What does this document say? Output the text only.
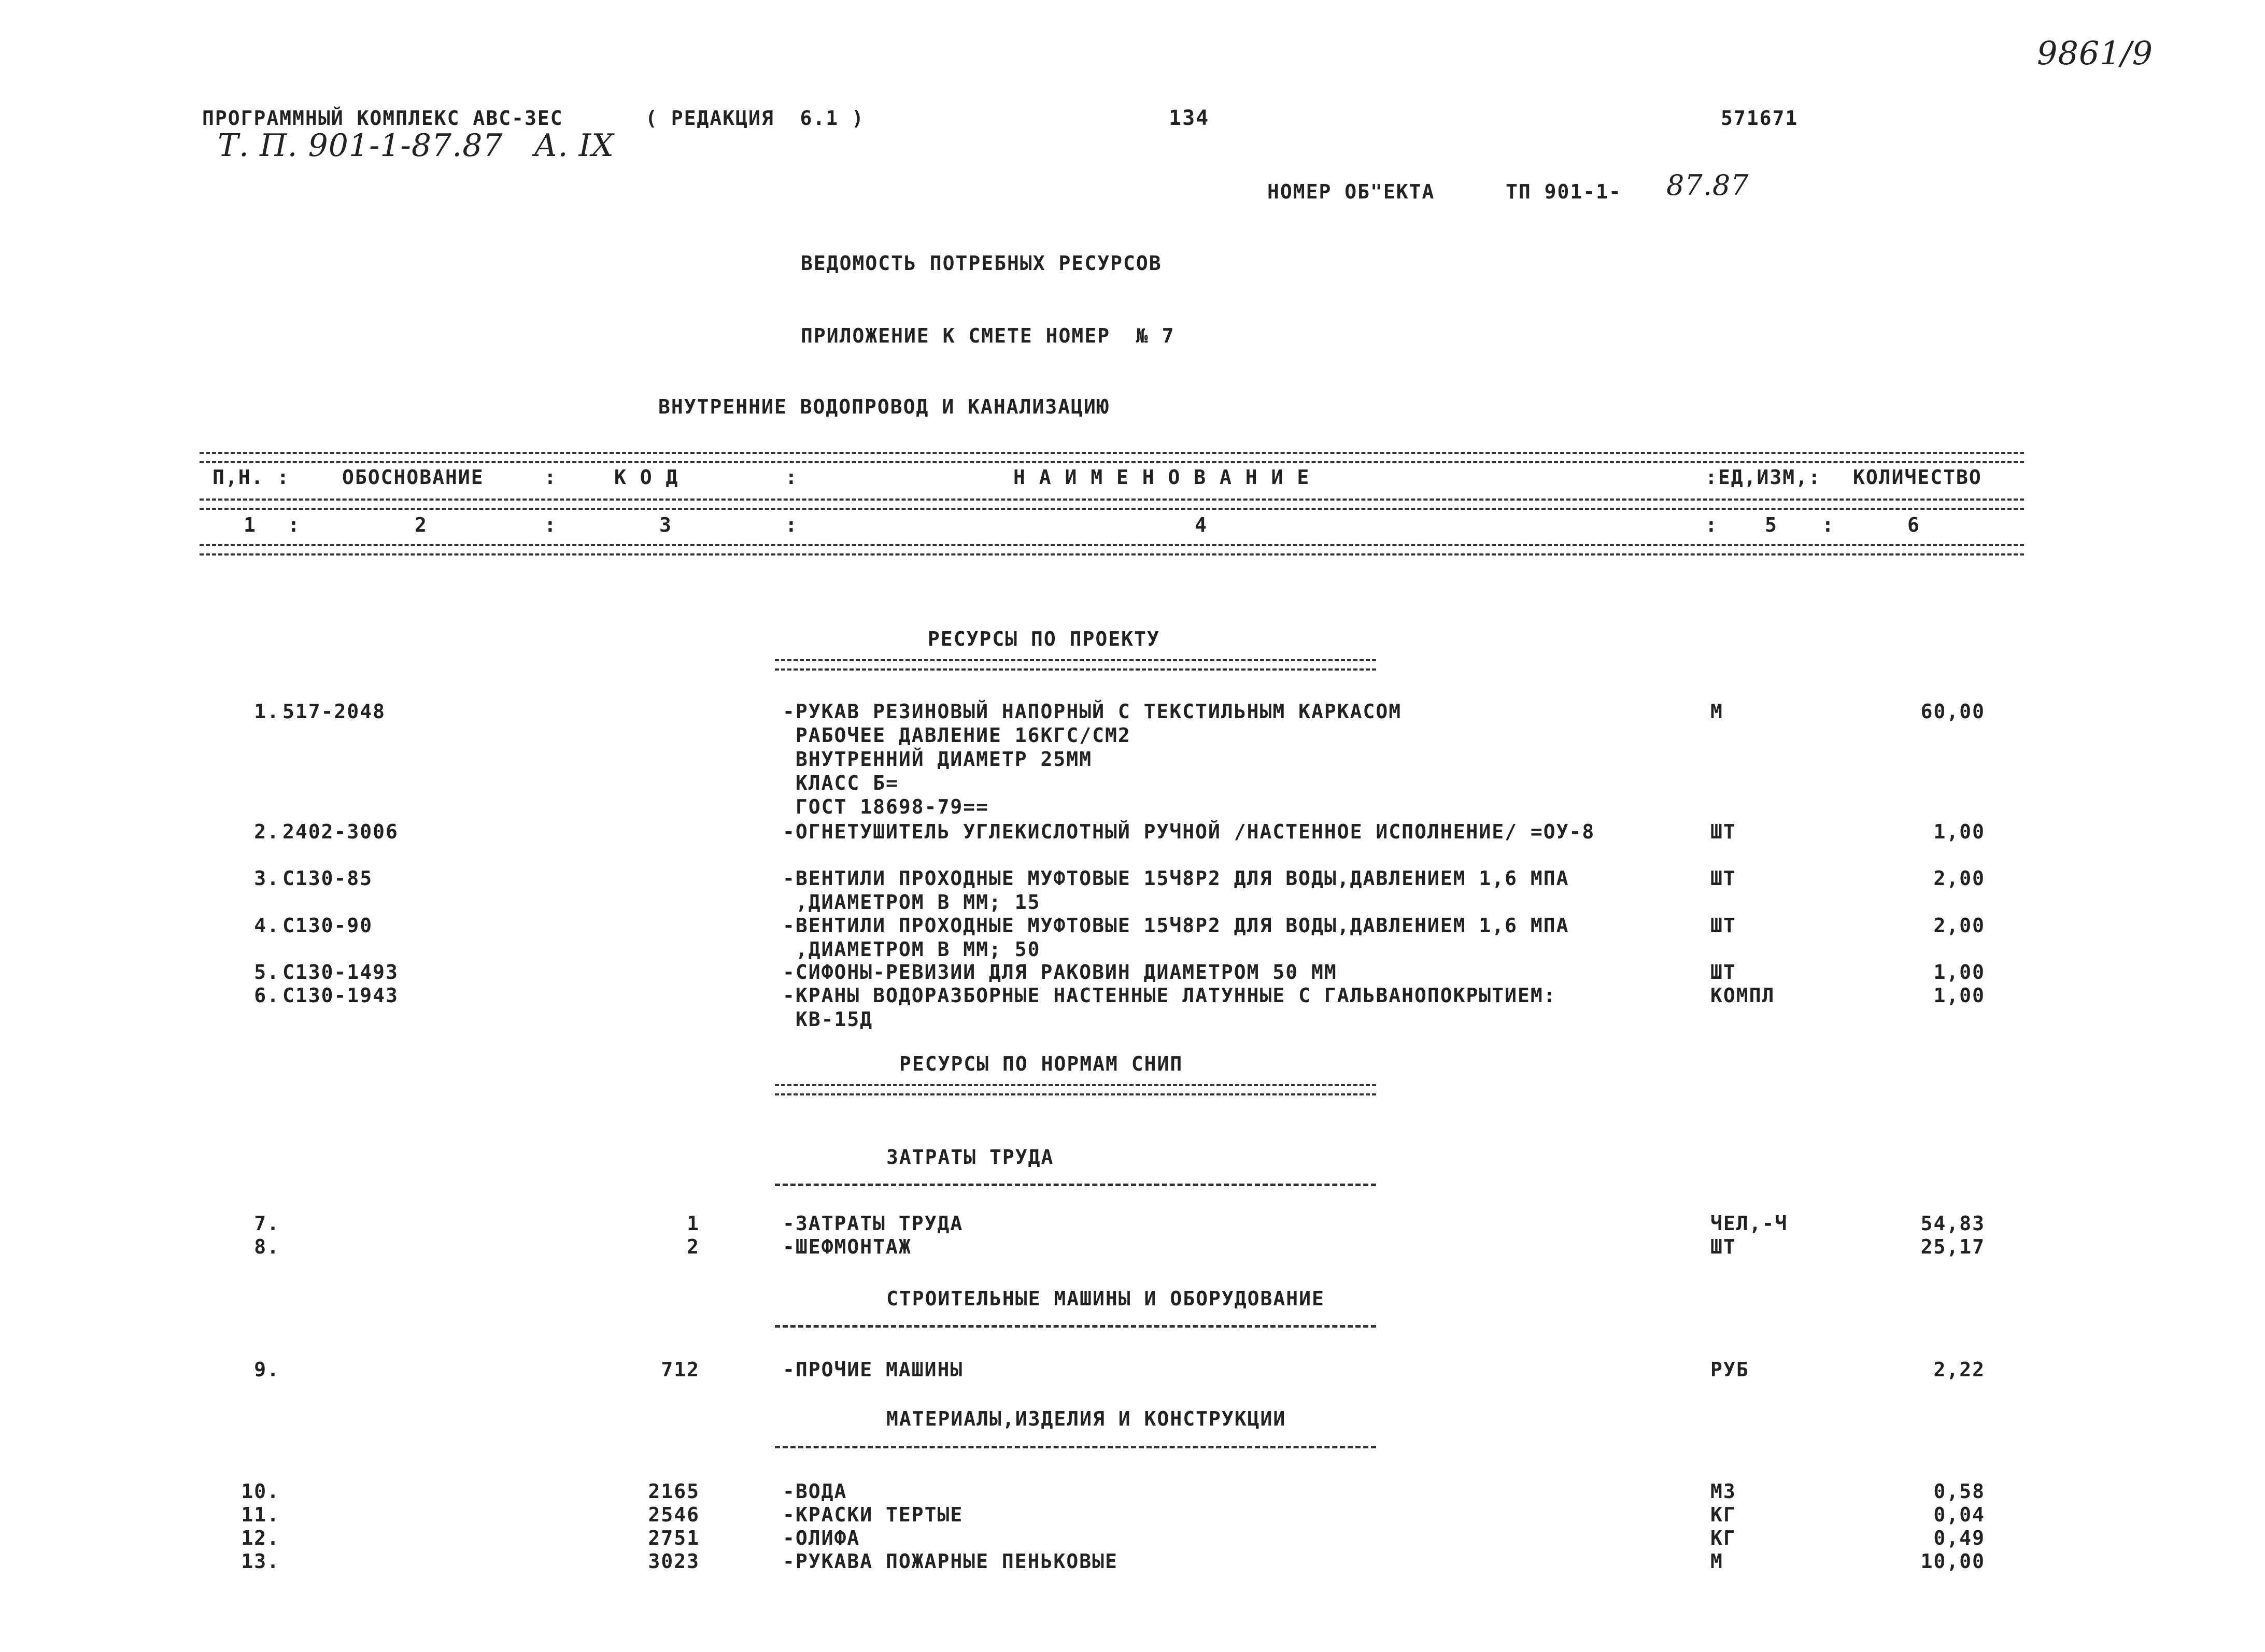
9861/9
ПРОГРАММНЫЙ КОМПЛЕКС АВС-3ЕС	( РЕДАКЦИЯ  6.1 )	134	571671
Т. П. 901-1-87.87 А. IX
НОМЕР ОБ"ЕКТА	ТП 901-1- 87.87
ВЕДОМОСТЬ ПОТРЕБНЫХ РЕСУРСОВ
ПРИЛОЖЕНИЕ К СМЕТЕ НОМЕР  № 7
ВНУТРЕННИЕ ВОДОПРОВОД И КАНАЛИЗАЦИЮ
П,Н. :	ОБОСНОВАНИЕ	:	К О Д	:	Н А И М Е Н О В А Н И Е	:ЕД,ИЗМ,: КОЛИЧЕСТВО
1 :	2	:	3	:	4	: 5 :	6
РЕСУРСЫ ПО ПРОЕКТУ
РЕСУРСЫ ПО НОРМАМ СНИП
ЗАТРАТЫ ТРУДА
СТРОИТЕЛЬНЫЕ МАШИНЫ И ОБОРУДОВАНИЕ
МАТЕРИАЛЫ,ИЗДЕЛИЯ И КОНСТРУКЦИИ
1. 517-2048	-РУКАВ РЕЗИНОВЫЙ НАПОРНЫЙ С ТЕКСТИЛЬНЫМ КАРКАСОМ
РАБОЧЕЕ ДАВЛЕНИЕ 16КГС/СМ2
ВНУТРЕННИЙ ДИАМЕТР 25ММ
КЛАСС Б=
ГОСТ 18698-79==
М	60,00
2. 2402-3006	-ОГНЕТУШИТЕЛЬ УГЛЕКИСЛОТНЫЙ РУЧНОЙ /НАСТЕННОЕ ИСПОЛНЕНИЕ/ =ОУ-8	ШТ	1,00
3. С130-85	-ВЕНТИЛИ ПРОХОДНЫЕ МУФТОВЫЕ 15Ч8Р2 ДЛЯ ВОДЫ,ДАВЛЕНИЕМ 1,6 МПА
,ДИАМЕТРОМ В ММ; 15
ШТ	2,00
4. С130-90	-ВЕНТИЛИ ПРОХОДНЫЕ МУФТОВЫЕ 15Ч8Р2 ДЛЯ ВОДЫ,ДАВЛЕНИЕМ 1,6 МПА
,ДИАМЕТРОМ В ММ; 50
ШТ	2,00
5. С130-1493	-СИФОНЫ-РЕВИЗИИ ДЛЯ РАКОВИН ДИАМЕТРОМ 50 ММ	ШТ	1,00
6. С130-1943	-КРАНЫ ВОДОРАЗБОРНЫЕ НАСТЕННЫЕ ЛАТУННЫЕ С ГАЛЬВАНОПОКРЫТИЕМ:
КВ-15Д
КОМПЛ	1,00
7.	1	-ЗАТРАТЫ ТРУДА	ЧЕЛ,-Ч	54,83
8.	2	-ШЕФМОНТАЖ	ШТ	25,17
9.	712	-ПРОЧИЕ МАШИНЫ	РУБ	2,22
10.	2165	-ВОДА	М3	0,58
11.	2546	-КРАСКИ ТЕРТЫЕ	КГ	0,04
12.	2751	-ОЛИФА	КГ	0,49
13.	3023	-РУКАВА ПОЖАРНЫЕ ПЕНЬКОВЫЕ	М	10,00
